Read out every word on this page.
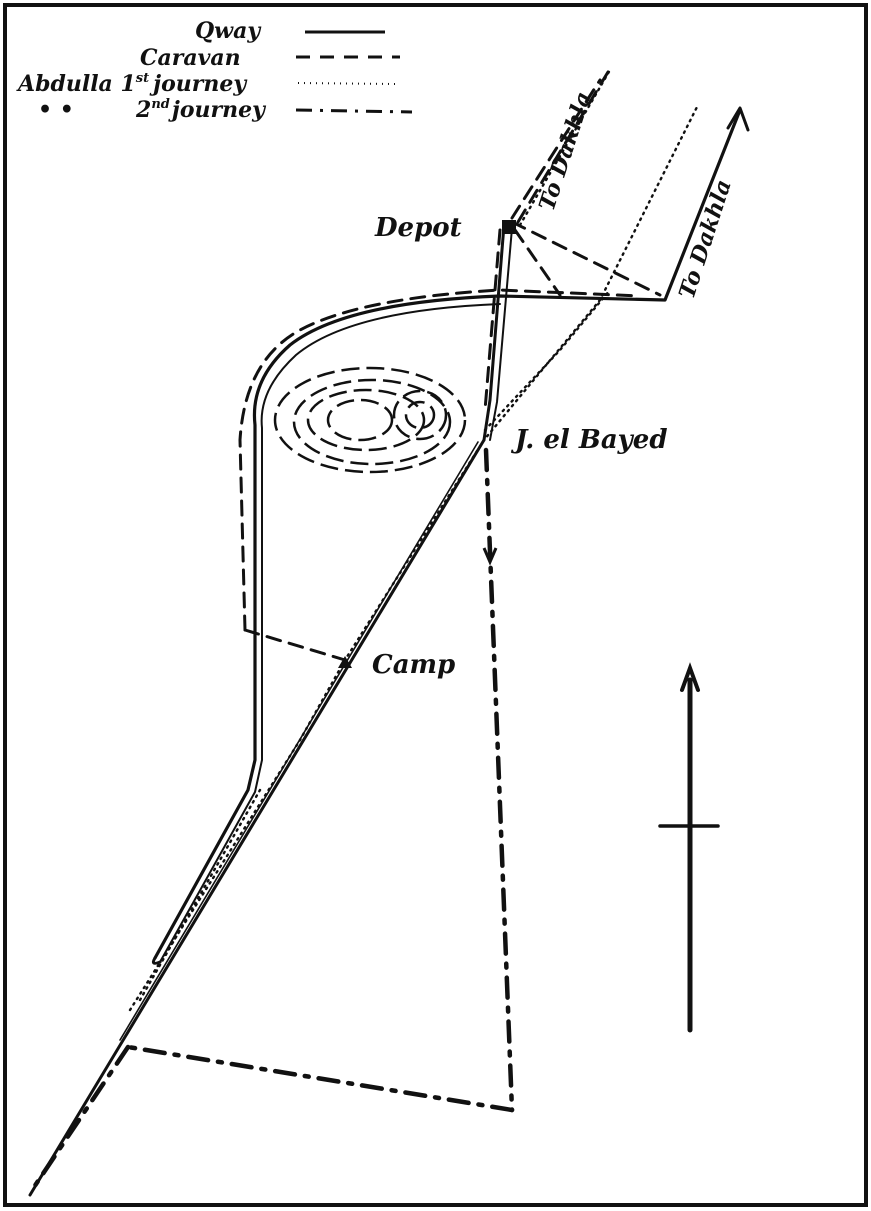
Qway
Caravan
Abdulla 1st journey
• •	2ndjourney
Depot
J. el Bayed
Camp
To Dakhla
To Dakhla
